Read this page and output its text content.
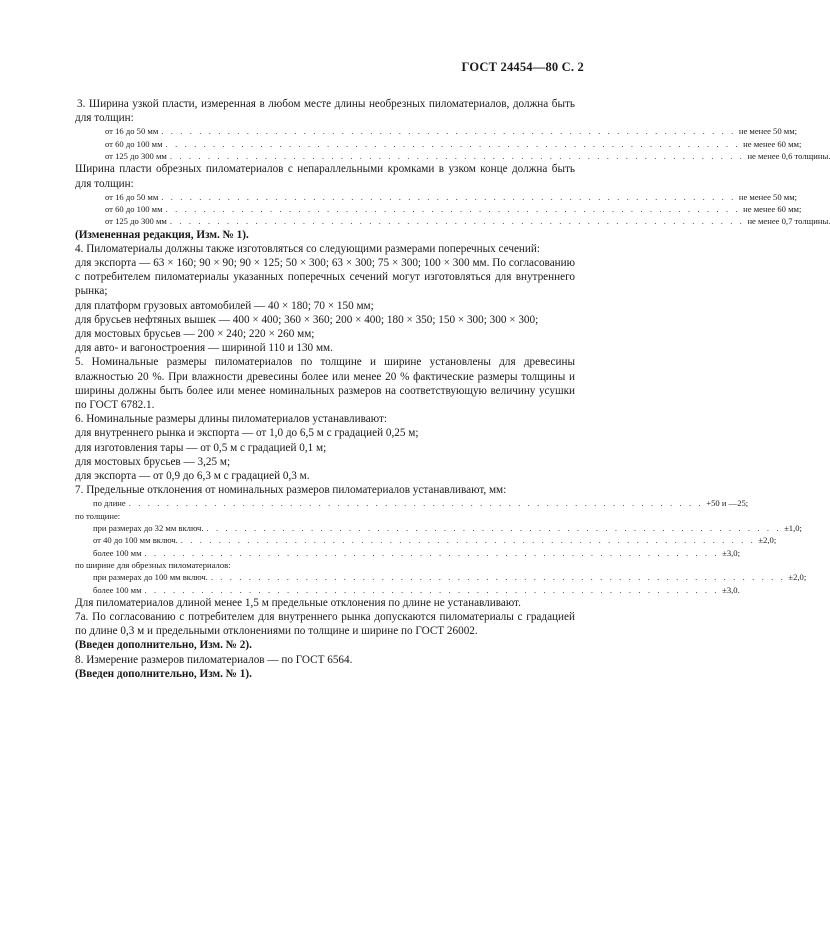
ГОСТ 24454—80 С. 2

3. Ширина узкой пласти, измеренная в любом месте длины необрезных пиломатериалов, должна быть для толщин:

от 16 до 50 мм . . . . . . . . . . . . . . . . . . . . . . . . . . . . . . . . . . . . . . . . . . . . . . . . . . . . . . . . . . . . . не менее 50 мм;
от 60 до 100 мм . . . . . . . . . . . . . . . . . . . . . . . . . . . . . . . . . . . . . . . . . . . . . . . . . . . . . . . . . . . . . не менее 60 мм;
от 125 до 300 мм . . . . . . . . . . . . . . . . . . . . . . . . . . . . . . . . . . . . . . . . . . . . . . . . . . . . . . . . . . . . . не менее 0,6 толщины.

Ширина пласти обрезных пиломатериалов с непараллельными кромками в узком конце должна быть для толщин:

от 16 до 50 мм . . . . . . . . . . . . . . . . . . . . . . . . . . . . . . . . . . . . . . . . . . . . . . . . . . . . . . . . . . . . . не менее 50 мм;
от 60 до 100 мм . . . . . . . . . . . . . . . . . . . . . . . . . . . . . . . . . . . . . . . . . . . . . . . . . . . . . . . . . . . . . не менее 60 мм;
от 125 до 300 мм . . . . . . . . . . . . . . . . . . . . . . . . . . . . . . . . . . . . . . . . . . . . . . . . . . . . . . . . . . . . . не менее 0,7 толщины.

(Измененная редакция, Изм. № 1).

4. Пиломатериалы должны также изготовляться со следующими размерами поперечных сечений:

для экспорта — 63 × 160; 90 × 90; 90 × 125; 50 × 300; 63 × 300; 75 × 300; 100 × 300 мм. По согласованию с потребителем пиломатериалы указанных поперечных сечений могут изготовляться для внутреннего рынка;

для платформ грузовых автомобилей — 40 × 180; 70 × 150 мм;

для брусьев нефтяных вышек — 400 × 400; 360 × 360; 200 × 400; 180 × 350; 150 × 300; 300 × 300;

для мостовых брусьев — 200 × 240; 220 × 260 мм;

для авто- и вагоностроения — шириной 110 и 130 мм.

5. Номинальные размеры пиломатериалов по толщине и ширине установлены для древесины влажностью 20 %. При влажности древесины более или менее 20 % фактические размеры толщины и ширины должны быть более или менее номинальных размеров на соответствующую величину усушки по ГОСТ 6782.1.

6. Номинальные размеры длины пиломатериалов устанавливают:

для внутреннего рынка и экспорта — от 1,0 до 6,5 м с градацией 0,25 м;

для изготовления тары — от 0,5 м с градацией 0,1 м;

для мостовых брусьев — 3,25 м;

для экспорта — от 0,9 до 6,3 м с градацией 0,3 м.

7. Предельные отклонения от номинальных размеров пиломатериалов устанавливают, мм:

по длине . . . . . . . . . . . . . . . . . . . . . . . . . . . . . . . . . . . . . . . . . . . . . . . . . . . . . . . . . . . . . +50 и —25;
по толщине:
при размерах до 32 мм включ. . . . . . . . . . . . . . . . . . . . . . . . . . . . . . . . . . . . . . . . . . . . . . . . . . . . . . . . . . . . . . ±1,0;
от 40 до 100 мм включ. . . . . . . . . . . . . . . . . . . . . . . . . . . . . . . . . . . . . . . . . . . . . . . . . . . . . . . . . . . . . . ±2,0;
более 100 мм . . . . . . . . . . . . . . . . . . . . . . . . . . . . . . . . . . . . . . . . . . . . . . . . . . . . . . . . . . . . . ±3,0;
по ширине для обрезных пиломатериалов:
при размерах до 100 мм включ. . . . . . . . . . . . . . . . . . . . . . . . . . . . . . . . . . . . . . . . . . . . . . . . . . . . . . . . . . . . . . ±2,0;
более 100 мм . . . . . . . . . . . . . . . . . . . . . . . . . . . . . . . . . . . . . . . . . . . . . . . . . . . . . . . . . . . . . ±3,0.

Для пиломатериалов длиной менее 1,5 м предельные отклонения по длине не устанавливают.

7а. По согласованию с потребителем для внутреннего рынка допускаются пиломатериалы с градацией по длине 0,3 м и предельными отклонениями по толщине и ширине по ГОСТ 26002.

(Введен дополнительно, Изм. № 2).

8. Измерение размеров пиломатериалов — по ГОСТ 6564.

(Введен дополнительно, Изм. № 1).
